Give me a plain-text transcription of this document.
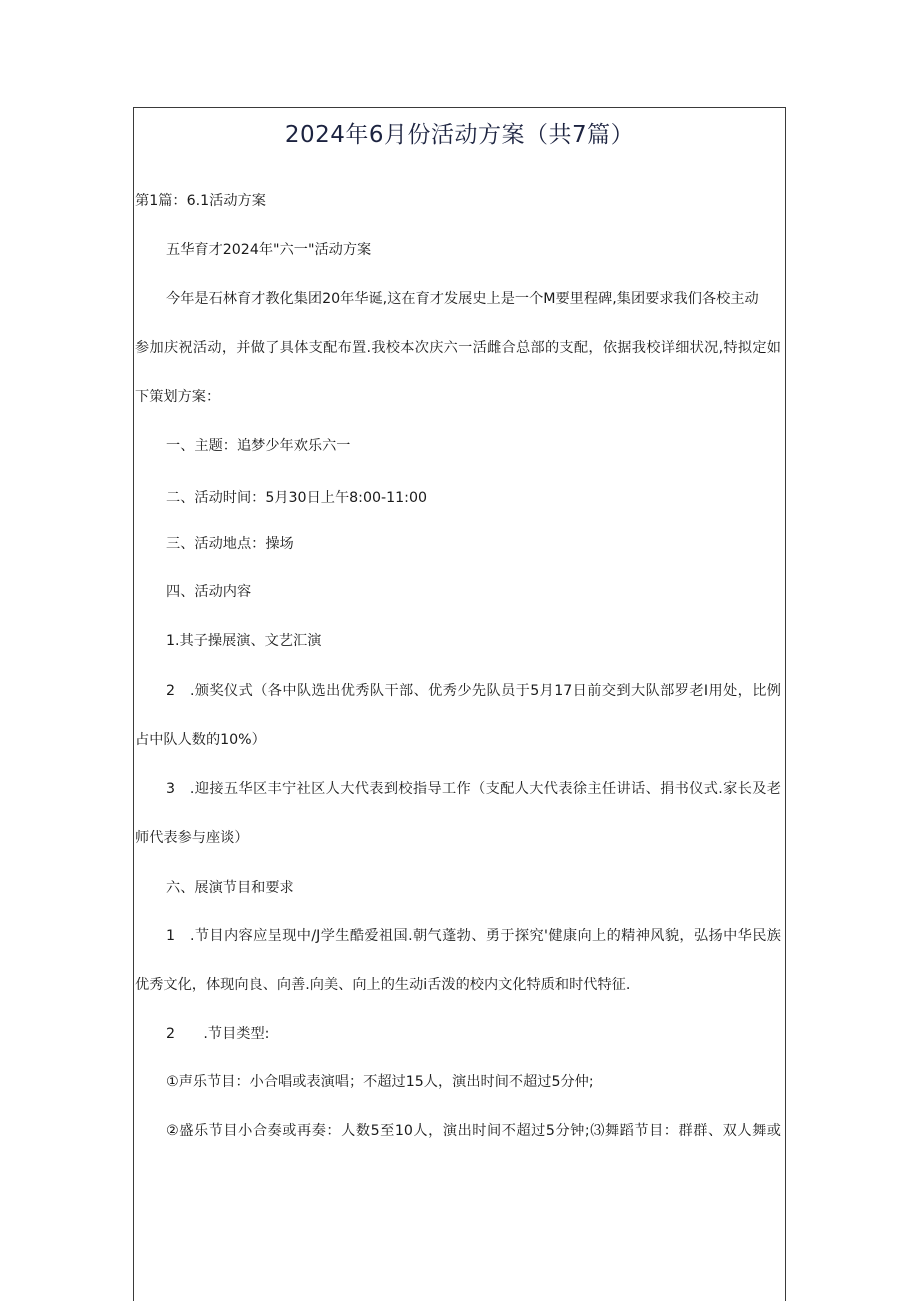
2024年6月份活动方案（共7篇）
第1篇：6.1活动方案
五华育才2024年"六一"活动方案
今年是石林育才教化集团20年华诞,这在育才发展史上是一个M要里程碑,集团要求我们各校主动
参加庆祝活动，并做了具体支配布置.我校本次庆六一活雌合总部的支配，依据我校详细状况,特拟定如
下策划方案：
一、主题：追梦少年欢乐六一
二、活动时间：5月30日上午8:00-11:00
三、活动地点：操场
四、活动内容
1.其子操展演、文艺汇演
2　.颁奖仪式（各中队选出优秀队干部、优秀少先队员于5月17日前交到大队部罗老I用处，比例
占中队人数的10%）
3　.迎接五华区丰宁社区人大代表到校指导工作（支配人大代表徐主任讲话、捐书仪式.家长及老
师代表参与座谈）
六、展演节目和要求
1　.节目内容应呈现中/J学生酷爱祖国.朝气蓬勃、勇于探究'健康向上的精神风貌，弘扬中华民族
优秀文化，体现向良、向善.向美、向上的生动i舌泼的校内文化特质和时代特征.
2　　.节目类型:
①声乐节目：小合唱或表演唱；不超过15人，演出时间不超过5分仲;
②盛乐节目小合奏或再奏：人数5至10人，演出时间不超过5分钟;⑶舞蹈节目：群群、双人舞或
